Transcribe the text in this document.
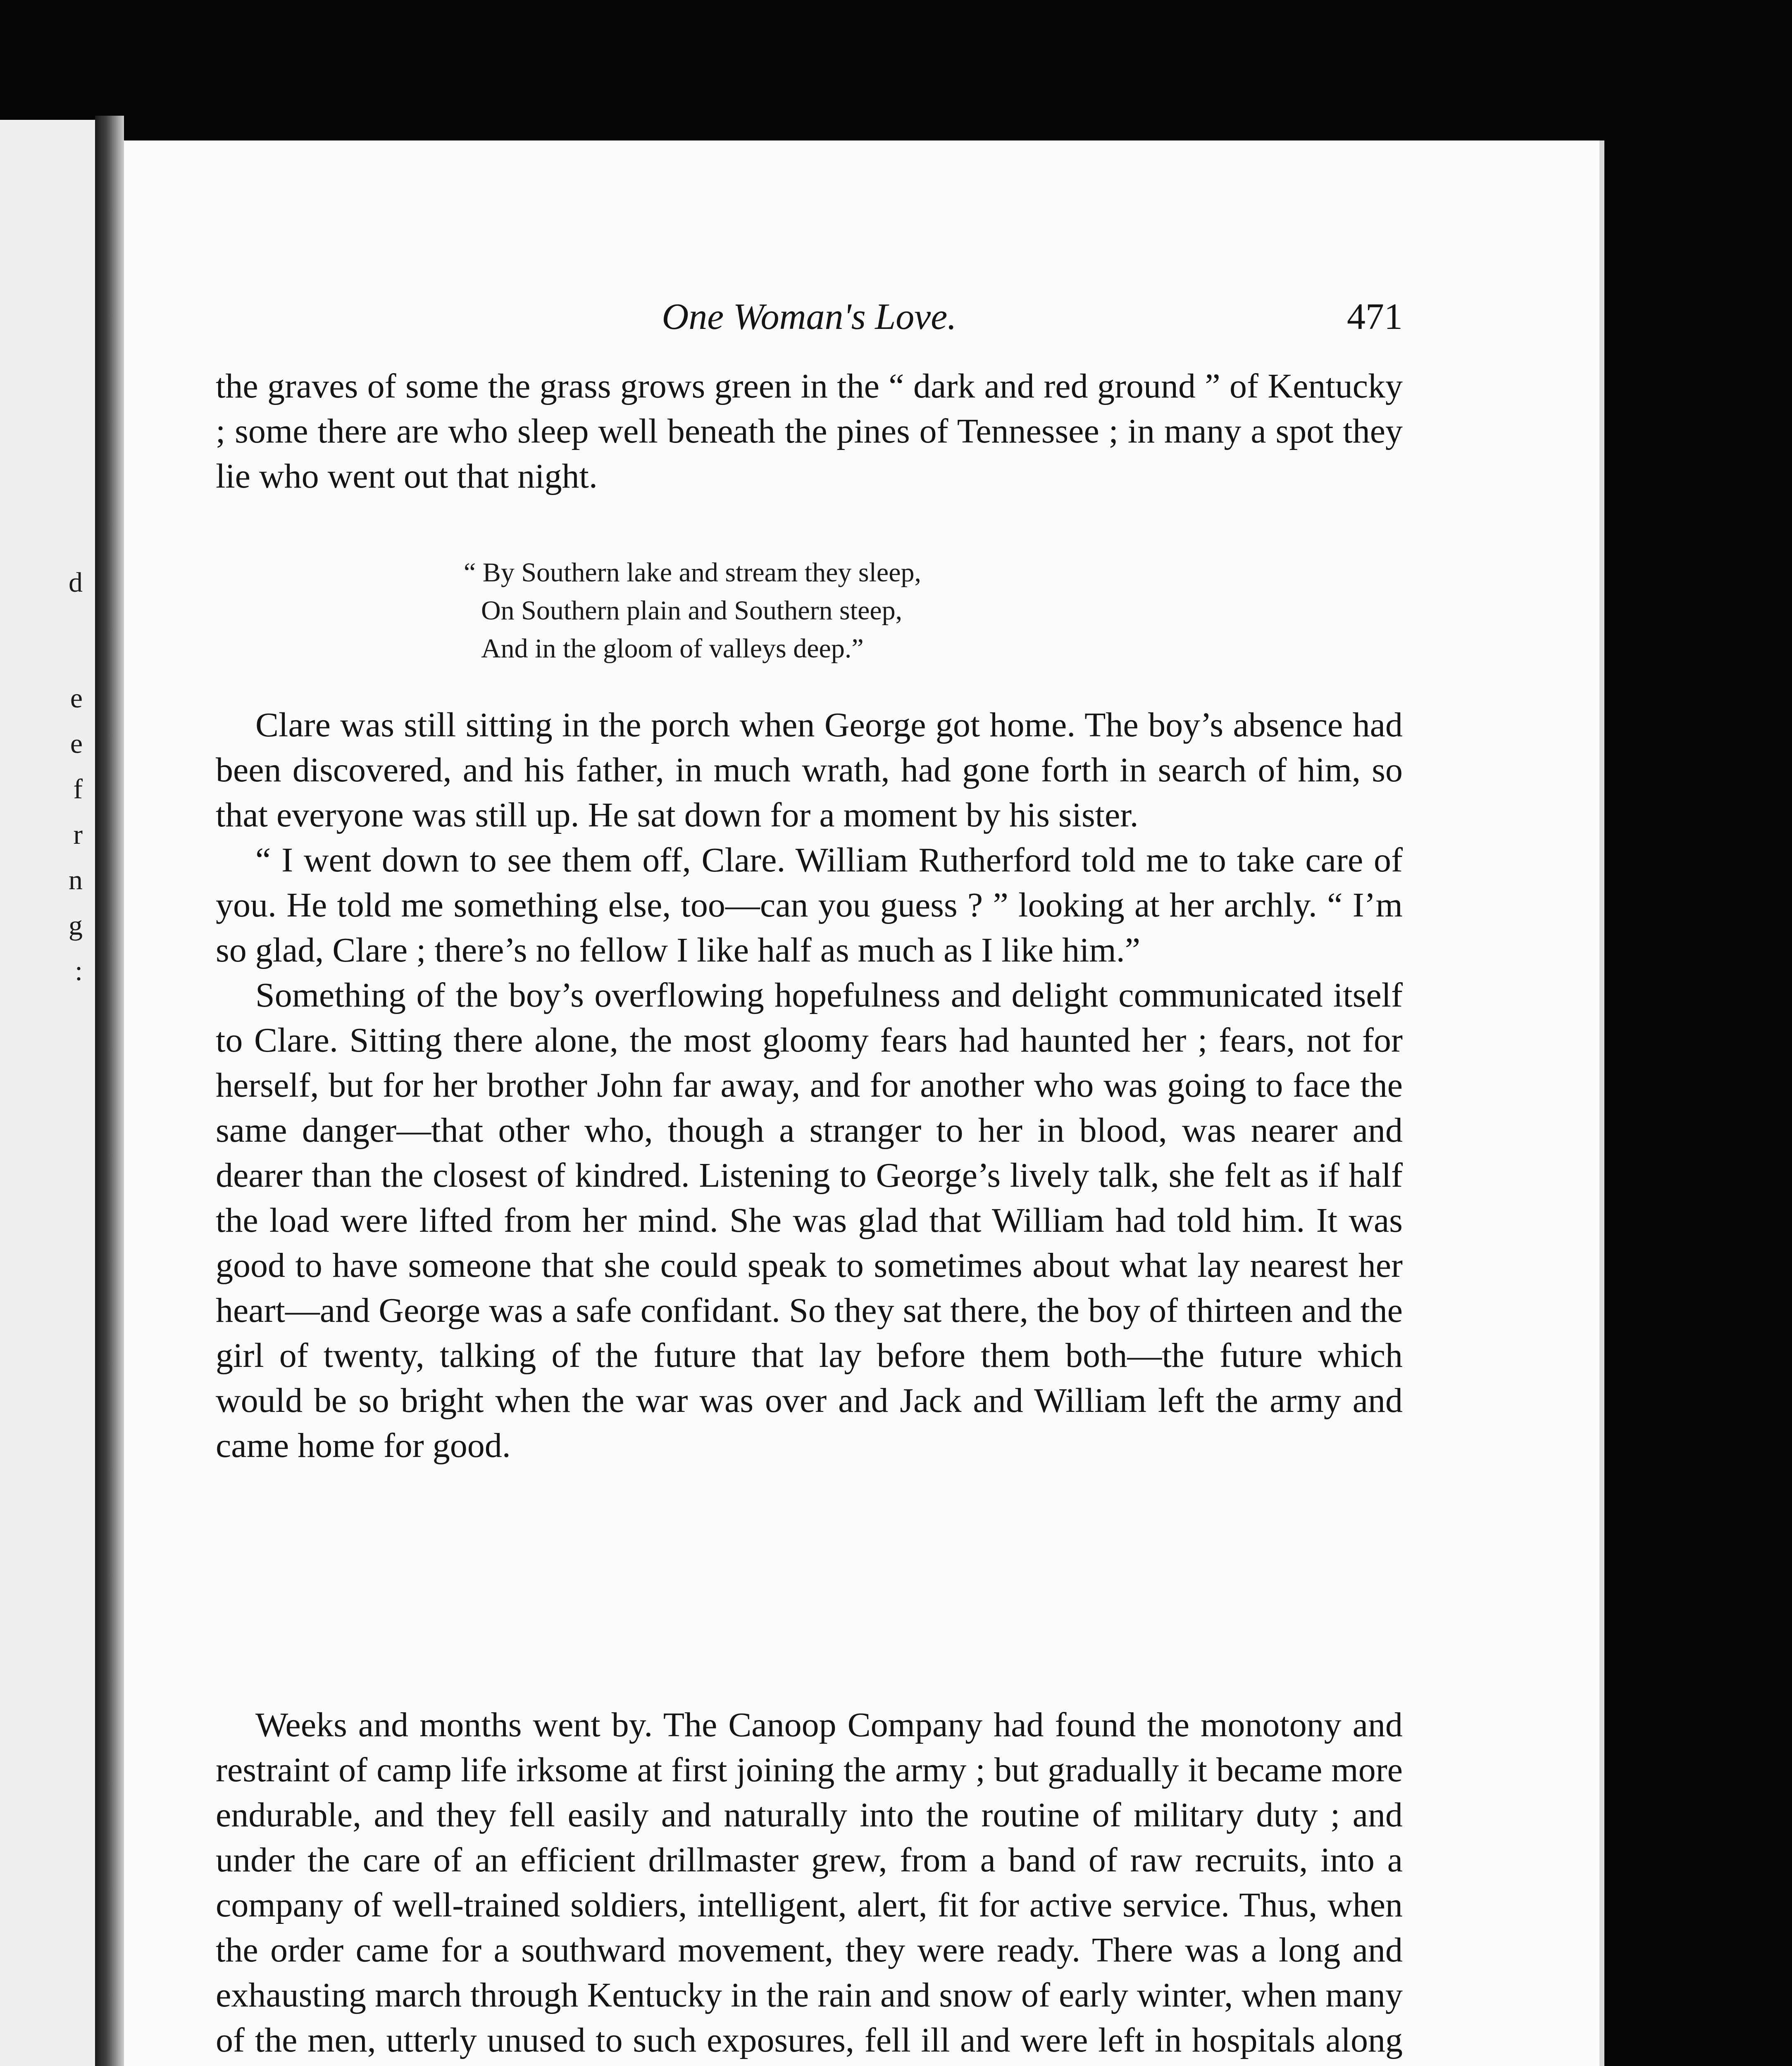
d
e
e
f
r
n
g
:
One Woman's Love.	471

the graves of some the grass grows green in the “ dark and red ground ” of Kentucky ; some there are who sleep well beneath the pines of Tennessee ; in many a spot they lie who went out that night.

“ By Southern lake and stream they sleep,
On Southern plain and Southern steep,
And in the gloom of valleys deep.”

Clare was still sitting in the porch when George got home. The boy’s absence had been discovered, and his father, in much wrath, had gone forth in search of him, so that everyone was still up. He sat down for a moment by his sister.

“ I went down to see them off, Clare. William Rutherford told me to take care of you. He told me something else, too—can you guess ? ” looking at her archly. “ I’m so glad, Clare ; there’s no fellow I like half as much as I like him.”

Something of the boy’s overflowing hopefulness and delight communicated itself to Clare. Sitting there alone, the most gloomy fears had haunted her ; fears, not for herself, but for her brother John far away, and for another who was going to face the same danger—that other who, though a stranger to her in blood, was nearer and dearer than the closest of kindred. Listening to George’s lively talk, she felt as if half the load were lifted from her mind. She was glad that William had told him. It was good to have someone that she could speak to sometimes about what lay nearest her heart—and George was a safe confidant. So they sat there, the boy of thirteen and the girl of twenty, talking of the future that lay before them both—the future which would be so bright when the war was over and Jack and William left the army and came home for good.

Weeks and months went by. The Canoop Company had found the monotony and restraint of camp life irksome at first joining the army ; but gradually it became more endurable, and they fell easily and naturally into the routine of military duty ; and under the care of an efficient drillmaster grew, from a band of raw recruits, into a company of well-trained soldiers, intelligent, alert, fit for active service. Thus, when the order came for a southward movement, they were ready. There was a long and exhausting march through Kentucky in the rain and snow of early winter, when many of the men, utterly unused to such exposures, fell ill and were left in hospitals along
